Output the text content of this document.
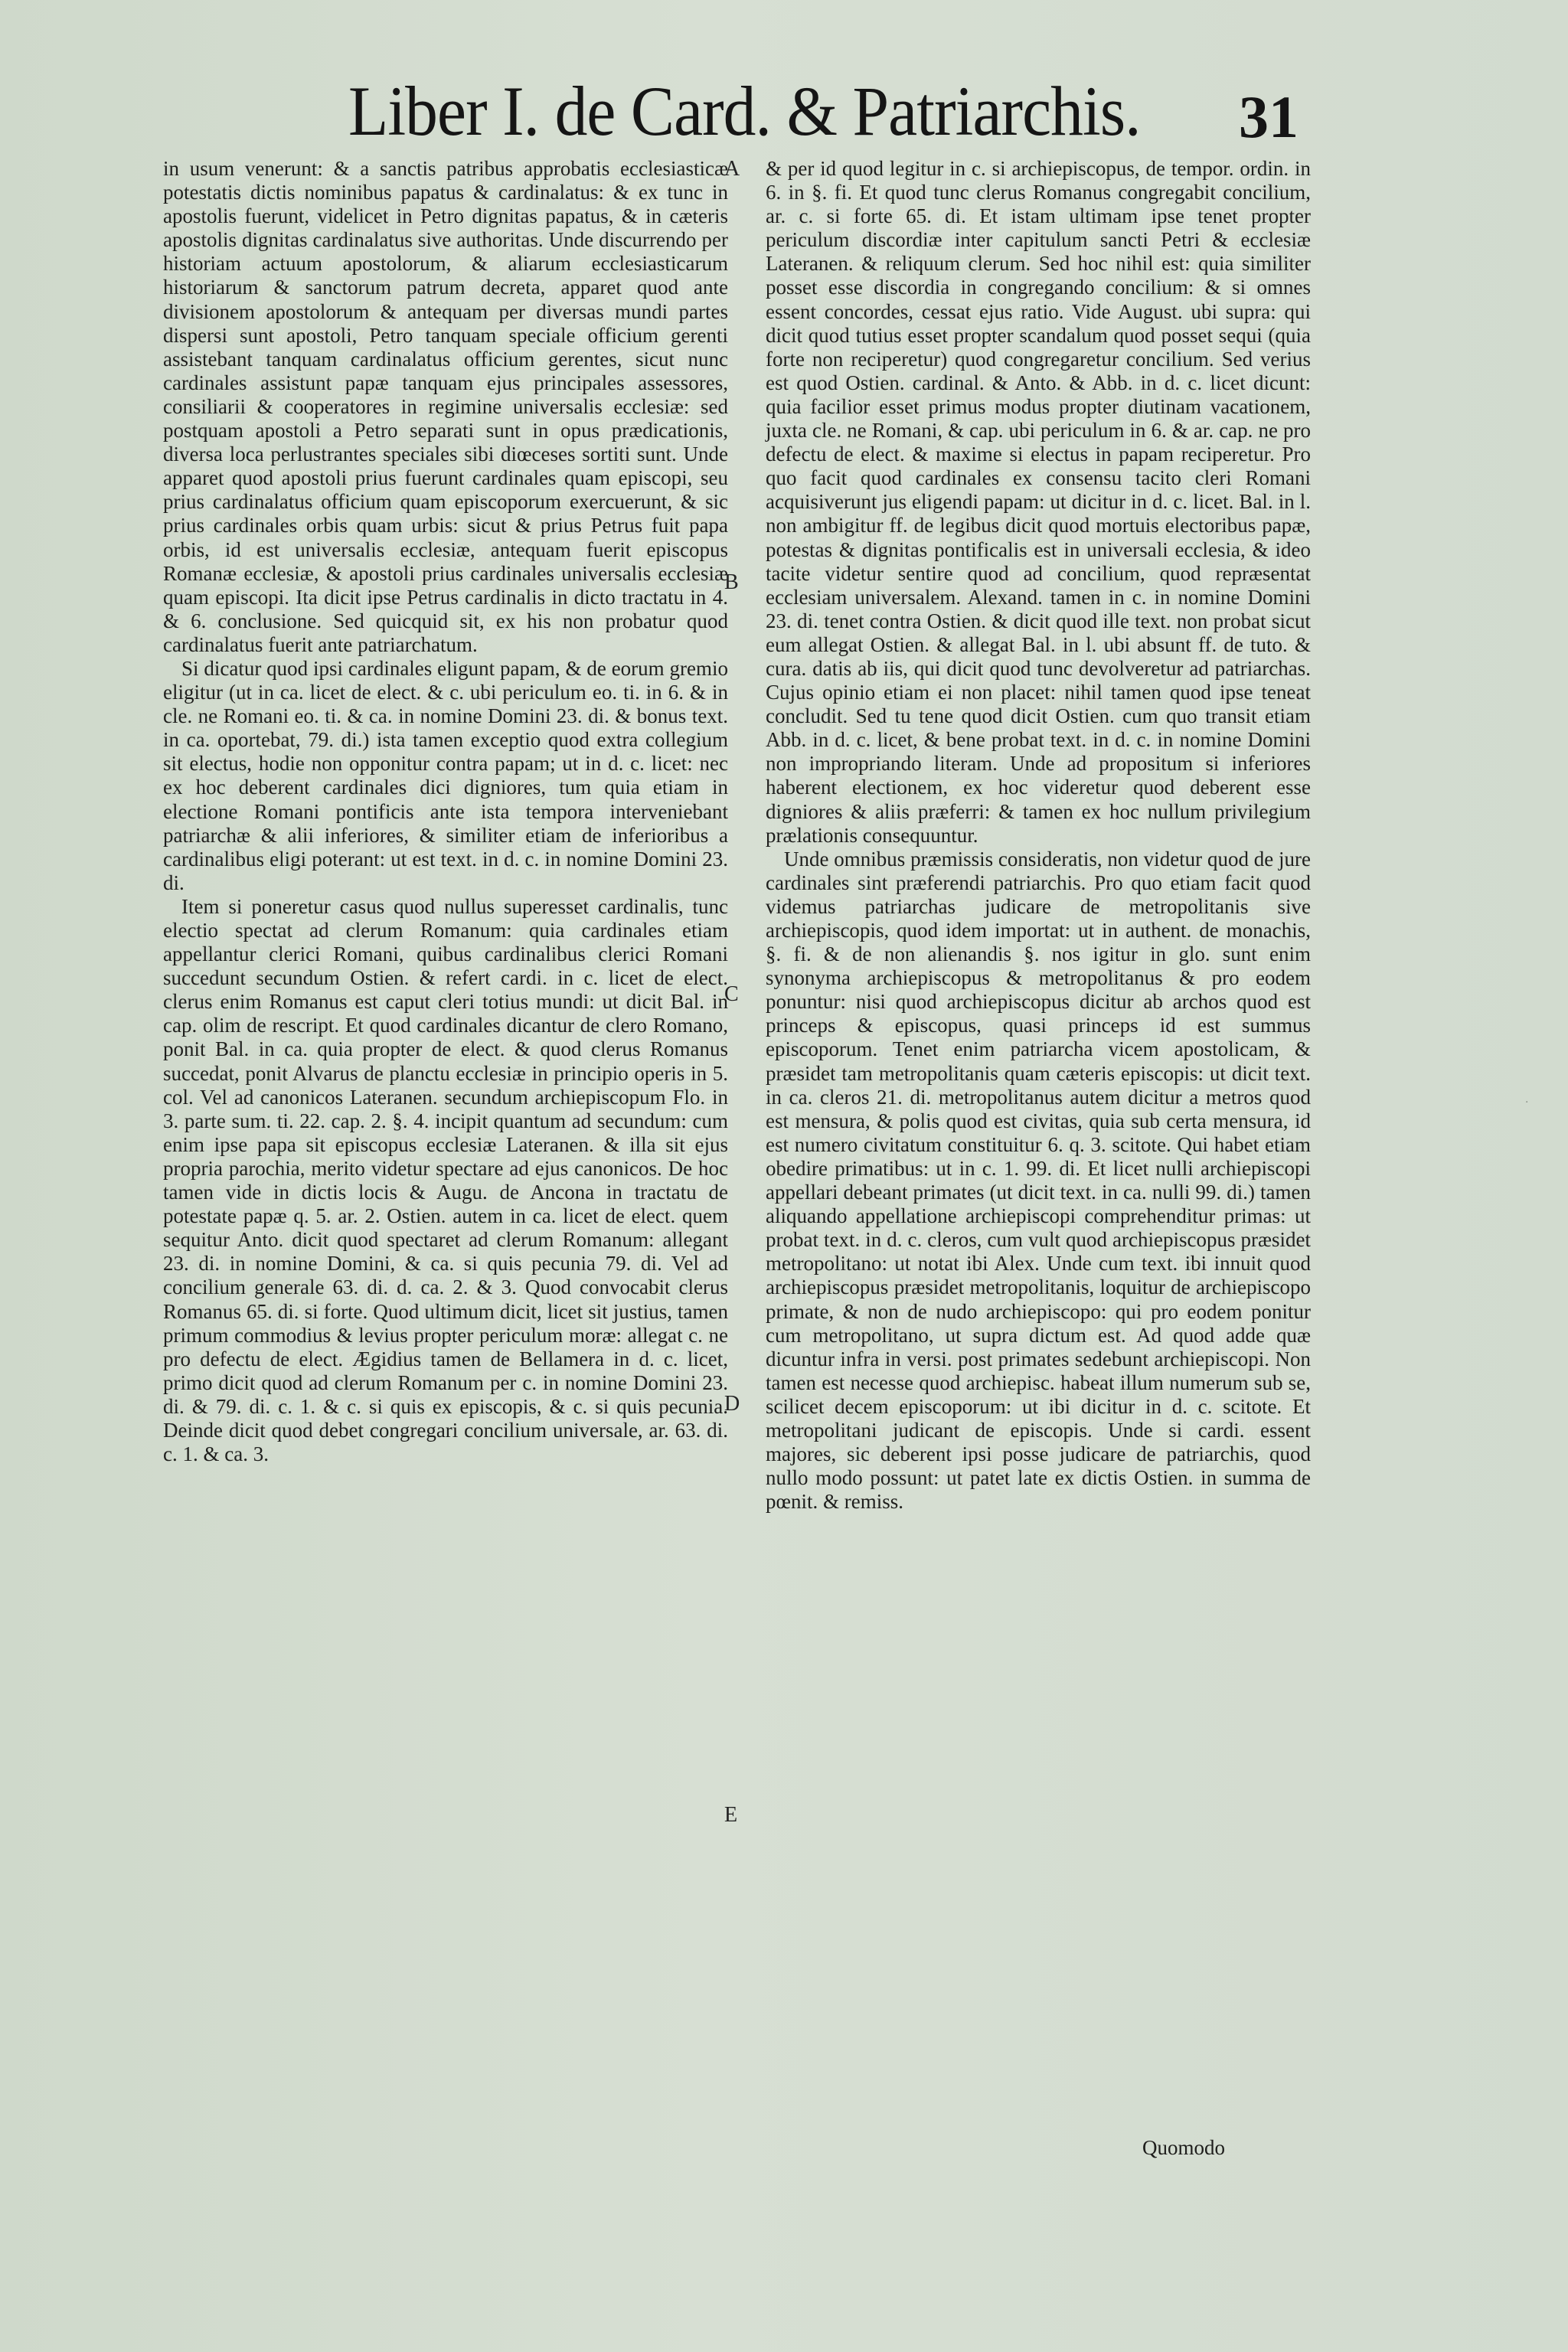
Liber I. de Card. & Patriarchis. 31

in usum venerunt: & a sanctis patribus approbatis ecclesiasticæ potestatis dictis nominibus papatus & cardinalatus: & ex tunc in apostolis fuerunt, videlicet in Petro dignitas papatus, & in cæteris apostolis dignitas cardinalatus sive authoritas. Unde discurrendo per historiam actuum apostolorum, & aliarum ecclesiasticarum historiarum & sanctorum patrum decreta, apparet quod ante divisionem apostolorum & antequam per diversas mundi partes dispersi sunt apostoli, Petro tanquam speciale officium gerenti assistebant tanquam cardinalatus officium gerentes, sicut nunc cardinales assistunt papæ tanquam ejus principales assessores, consiliarii & cooperatores in regimine universalis ecclesiæ: sed postquam apostoli a Petro separati sunt in opus prædicationis, diversa loca perlustrantes speciales sibi diœceses sortiti sunt. Unde apparet quod apostoli prius fuerunt cardinales quam episcopi, seu prius cardinalatus officium quam episcoporum exercuerunt, & sic prius cardinales orbis quam urbis: sicut & prius Petrus fuit papa orbis, id est universalis ecclesiæ, antequam fuerit episcopus Romanæ ecclesiæ, & apostoli prius cardinales universalis ecclesiæ quam episcopi. Ita dicit ipse Petrus cardinalis in dicto tractatu in 4. & 6. conclusione. Sed quicquid sit, ex his non probatur quod cardinalatus fuerit ante patriarchatum.

Si dicatur quod ipsi cardinales eligunt papam, & de eorum gremio eligitur (ut in ca. licet de elect. & c. ubi periculum eo. ti. in 6. & in cle. ne Romani eo. ti. & ca. in nomine Domini 23. di. & bonus text. in ca. oportebat, 79. di.) ista tamen exceptio quod extra collegium sit electus, hodie non opponitur contra papam; ut in d. c. licet: nec ex hoc deberent cardinales dici digniores, tum quia etiam in electione Romani pontificis ante ista tempora interveniebant patriarchæ & alii inferiores, & similiter etiam de inferioribus a cardinalibus eligi poterant: ut est text. in d. c. in nomine Domini 23. di.

Item si poneretur casus quod nullus superesset cardinalis, tunc electio spectat ad clerum Romanum: quia cardinales etiam appellantur clerici Romani, quibus cardinalibus clerici Romani succedunt secundum Ostien. & refert cardi. in c. licet de elect. clerus enim Romanus est caput cleri totius mundi: ut dicit Bal. in cap. olim de rescript. Et quod cardinales dicantur de clero Romano, ponit Bal. in ca. quia propter de elect. & quod clerus Romanus succedat, ponit Alvarus de planctu ecclesiæ in principio operis in 5. col. Vel ad canonicos Lateranen. secundum archiepiscopum Flo. in 3. parte sum. ti. 22. cap. 2. §. 4. incipit quantum ad secundum: cum enim ipse papa sit episcopus ecclesiæ Lateranen. & illa sit ejus propria parochia, merito videtur spectare ad ejus canonicos. De hoc tamen vide in dictis locis & Augu. de Ancona in tractatu de potestate papæ q. 5. ar. 2. Ostien. autem in ca. licet de elect. quem sequitur Anto. dicit quod spectaret ad clerum Romanum: allegant 23. di. in nomine Domini, & ca. si quis pecunia 79. di. Vel ad concilium generale 63. di. d. ca. 2. & 3. Quod convocabit clerus Romanus 65. di. si forte. Quod ultimum dicit, licet sit justius, tamen primum commodius & levius propter periculum moræ: allegat c. ne pro defectu de elect. Ægidius tamen de Bellamera in d. c. licet, primo dicit quod ad clerum Romanum per c. in nomine Domini 23. di. & 79. di. c. 1. & c. si quis ex episcopis, & c. si quis pecunia. Deinde dicit quod debet congregari concilium universale, ar. 63. di. c. 1. & ca. 3.

A
B
C
D
E

& per id quod legitur in c. si archiepiscopus, de tempor. ordin. in 6. in §. fi. Et quod tunc clerus Romanus congregabit concilium, ar. c. si forte 65. di. Et istam ultimam ipse tenet propter periculum discordiæ inter capitulum sancti Petri & ecclesiæ Lateranen. & reliquum clerum. Sed hoc nihil est: quia similiter posset esse discordia in congregando concilium: & si omnes essent concordes, cessat ejus ratio. Vide August. ubi supra: qui dicit quod tutius esset propter scandalum quod posset sequi (quia forte non reciperetur) quod congregaretur concilium. Sed verius est quod Ostien. cardinal. & Anto. & Abb. in d. c. licet dicunt: quia facilior esset primus modus propter diutinam vacationem, juxta cle. ne Romani, & cap. ubi periculum in 6. & ar. cap. ne pro defectu de elect. & maxime si electus in papam reciperetur. Pro quo facit quod cardinales ex consensu tacito cleri Romani acquisiverunt jus eligendi papam: ut dicitur in d. c. licet. Bal. in l. non ambigitur ff. de legibus dicit quod mortuis electoribus papæ, potestas & dignitas pontificalis est in universali ecclesia, & ideo tacite videtur sentire quod ad concilium, quod repræsentat ecclesiam universalem. Alexand. tamen in c. in nomine Domini 23. di. tenet contra Ostien. & dicit quod ille text. non probat sicut eum allegat Ostien. & allegat Bal. in l. ubi absunt ff. de tuto. & cura. datis ab iis, qui dicit quod tunc devolveretur ad patriarchas. Cujus opinio etiam ei non placet: nihil tamen quod ipse teneat concludit. Sed tu tene quod dicit Ostien. cum quo transit etiam Abb. in d. c. licet, & bene probat text. in d. c. in nomine Domini non impropriando literam. Unde ad propositum si inferiores haberent electionem, ex hoc videretur quod deberent esse digniores & aliis præferri: & tamen ex hoc nullum privilegium prælationis consequuntur.

Unde omnibus præmissis consideratis, non videtur quod de jure cardinales sint præferendi patriarchis. Pro quo etiam facit quod videmus patriarchas judicare de metropolitanis sive archiepiscopis, quod idem importat: ut in authent. de monachis, §. fi. & de non alienandis §. nos igitur in glo. sunt enim synonyma archiepiscopus & metropolitanus & pro eodem ponuntur: nisi quod archiepiscopus dicitur ab archos quod est princeps & episcopus, quasi princeps id est summus episcoporum. Tenet enim patriarcha vicem apostolicam, & præsidet tam metropolitanis quam cæteris episcopis: ut dicit text. in ca. cleros 21. di. metropolitanus autem dicitur a metros quod est mensura, & polis quod est civitas, quia sub certa mensura, id est numero civitatum constituitur 6. q. 3. scitote. Qui habet etiam obedire primatibus: ut in c. 1. 99. di. Et licet nulli archiepiscopi appellari debeant primates (ut dicit text. in ca. nulli 99. di.) tamen aliquando appellatione archiepiscopi comprehenditur primas: ut probat text. in d. c. cleros, cum vult quod archiepiscopus præsidet metropolitano: ut notat ibi Alex. Unde cum text. ibi innuit quod archiepiscopus præsidet metropolitanis, loquitur de archiepiscopo primate, & non de nudo archiepiscopo: qui pro eodem ponitur cum metropolitano, ut supra dictum est. Ad quod adde quæ dicuntur infra in versi. post primates sedebunt archiepiscopi. Non tamen est necesse quod archiepisc. habeat illum numerum sub se, scilicet decem episcoporum: ut ibi dicitur in d. c. scitote. Et metropolitani judicant de episcopis. Unde si cardi. essent majores, sic deberent ipsi posse judicare de patriarchis, quod nullo modo possunt: ut patet late ex dictis Ostien. in summa de pœnit. & remiss.

Quomodo
·
